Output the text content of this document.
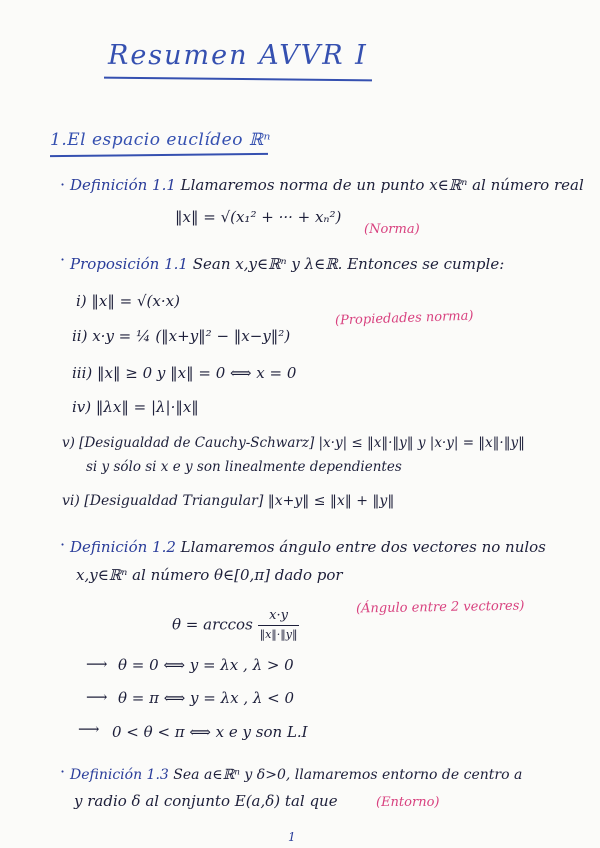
Resumen AVVR I
1.El espacio euclídeo ℝⁿ
· Definición 1.1 Llamaremos norma de un punto x∈ℝⁿ al número real
‖x‖ = √(x₁² + ··· + xₙ²)
(Norma)
· Proposición 1.1 Sean x,y∈ℝⁿ y λ∈ℝ. Entonces se cumple:
(Propiedades norma)
i) ‖x‖ = √(x·x)
ii) x·y = ¼ (‖x+y‖² − ‖x−y‖²)
iii) ‖x‖ ≥ 0 y ‖x‖ = 0 ⟺ x = 0
iv) ‖λx‖ = |λ|·‖x‖
v) [Desigualdad de Cauchy-Schwarz] |x·y| ≤ ‖x‖·‖y‖ y |x·y| = ‖x‖·‖y‖
si y sólo si x e y son linealmente dependientes
vi) [Desigualdad Triangular] ‖x+y‖ ≤ ‖x‖ + ‖y‖
· Definición 1.2 Llamaremos ángulo entre dos vectores no nulos
x,y∈ℝⁿ al número θ∈[0,π] dado por
$\theta = \arccos \frac{x\cdot y}{‖x‖\cdot‖y‖}$	(Ángulo entre 2 vectores)
⟶ θ = 0 ⟺ y = λx , λ > 0
⟶ θ = π ⟺ y = λx , λ < 0
⟶ 0 < θ < π ⟺ x e y son L.I
· Definición 1.3 Sea a∈ℝⁿ y δ>0, llamaremos entorno de centro a
y radio δ al conjunto E(a,δ) tal que	(Entorno)
1
